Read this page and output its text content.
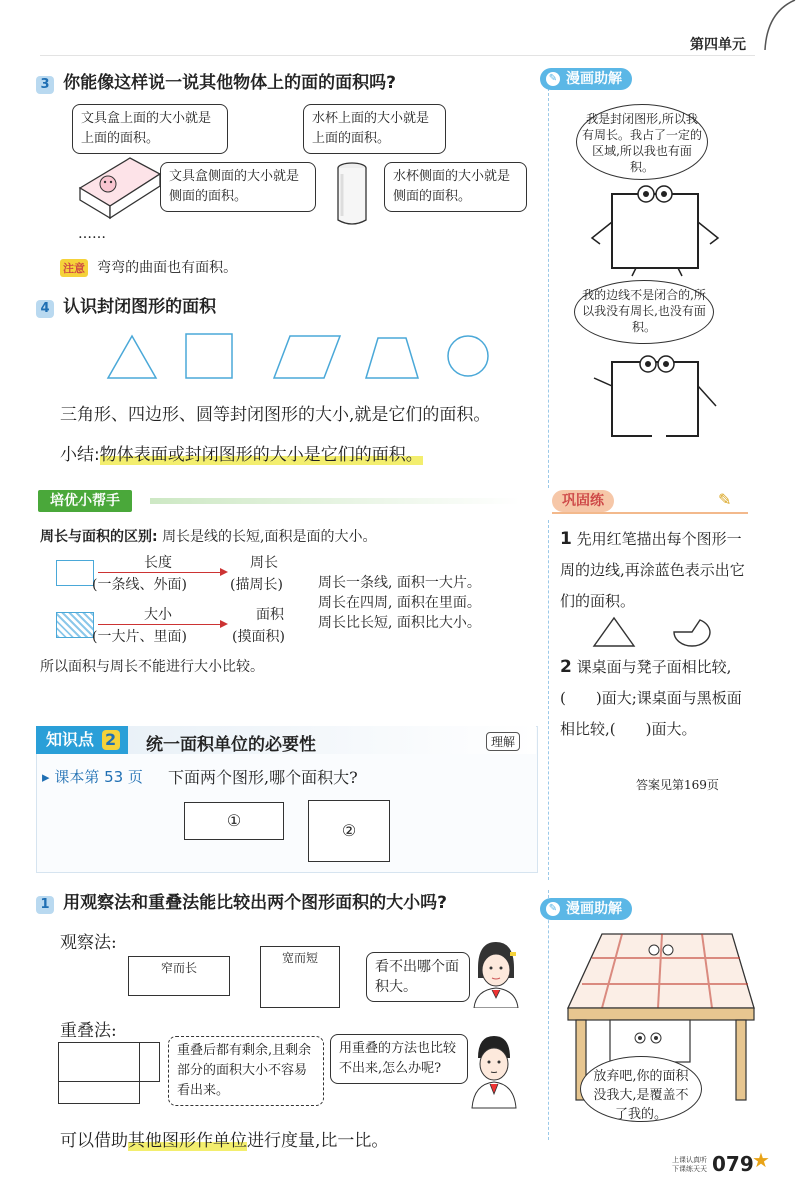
第四单元
3 你能像这样说一说其他物体上的面的面积吗?
文具盒上面的大小就是上面的面积。
文具盒侧面的大小就是侧面的面积。
水杯上面的大小就是上面的面积。
水杯侧面的大小就是侧面的面积。
……
注意 弯弯的曲面也有面积。
4 认识封闭图形的面积
三角形、四边形、圆等封闭图形的大小,就是它们的面积。
小结:物体表面或封闭图形的大小是它们的面积。
培优小帮手
周长与面积的区别: 周长是线的长短,面积是面的大小。
长度
(一条线、外面)
周长
(描周长)
大小
(一大片、里面)
面积
(摸面积)
周长一条线, 面积一大片。
周长在四周, 面积在里面。
周长比长短, 面积比大小。
所以面积与周长不能进行大小比较。
知识点 2	统一面积单位的必要性	理解
▸ 课本第 53 页 下面两个图形,哪个面积大?
①
②
1 用观察法和重叠法能比较出两个图形面积的大小吗?
观察法:
窄而长
宽而短
看不出哪个面积大。
重叠法:
重叠后都有剩余,且剩余部分的面积大小不容易看出来。
用重叠的方法也比较不出来,怎么办呢?
可以借助其他图形作单位进行度量,比一比。
✎ 漫画助解
我是封闭图形,所以我有周长。我占了一定的区域,所以我也有面积。
我的边线不是闭合的,所以我没有周长,也没有面积。
巩固练	✎
1 先用红笔描出每个图形一周的边线,再涂蓝色表示出它们的面积。
2 课桌面与凳子面相比较,(　　)面大;课桌面与黑板面相比较,(　　)面大。
答案见第169页
✎ 漫画助解
放弃吧,你的面积没我大,是覆盖不了我的。
上课认真听
下课练天天 079
★
